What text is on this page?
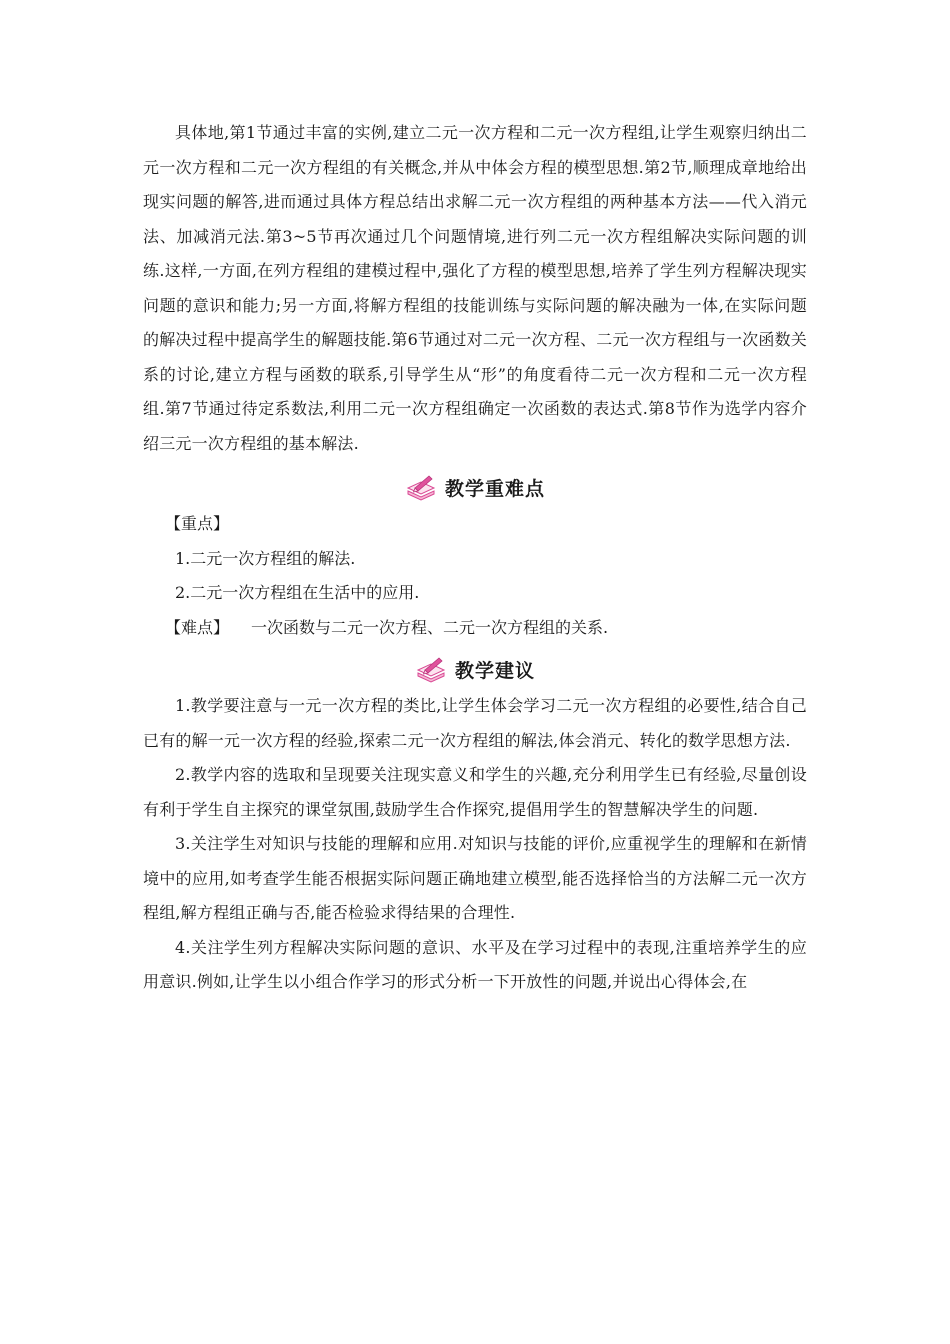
具体地,第1节通过丰富的实例,建立二元一次方程和二元一次方程组,让学生观察归纳出二元一次方程和二元一次方程组的有关概念,并从中体会方程的模型思想.第2节,顺理成章地给出现实问题的解答,进而通过具体方程总结出求解二元一次方程组的两种基本方法——代入消元法、加减消元法.第3~5节再次通过几个问题情境,进行列二元一次方程组解决实际问题的训练.这样,一方面,在列方程组的建模过程中,强化了方程的模型思想,培养了学生列方程解决现实问题的意识和能力;另一方面,将解方程组的技能训练与实际问题的解决融为一体,在实际问题的解决过程中提高学生的解题技能.第6节通过对二元一次方程、二元一次方程组与一次函数关系的讨论,建立方程与函数的联系,引导学生从“形”的角度看待二元一次方程和二元一次方程组.第7节通过待定系数法,利用二元一次方程组确定一次函数的表达式.第8节作为选学内容介绍三元一次方程组的基本解法.

教学重难点

【重点】

1.二元一次方程组的解法.

2.二元一次方程组在生活中的应用.

【难点】 一次函数与二元一次方程、二元一次方程组的关系.

教学建议

1.教学要注意与一元一次方程的类比,让学生体会学习二元一次方程组的必要性,结合自己已有的解一元一次方程的经验,探索二元一次方程组的解法,体会消元、转化的数学思想方法.

2.教学内容的选取和呈现要关注现实意义和学生的兴趣,充分利用学生已有经验,尽量创设有利于学生自主探究的课堂氛围,鼓励学生合作探究,提倡用学生的智慧解决学生的问题.

3.关注学生对知识与技能的理解和应用.对知识与技能的评价,应重视学生的理解和在新情境中的应用,如考查学生能否根据实际问题正确地建立模型,能否选择恰当的方法解二元一次方程组,解方程组正确与否,能否检验求得结果的合理性.

4.关注学生列方程解决实际问题的意识、水平及在学习过程中的表现,注重培养学生的应用意识.例如,让学生以小组合作学习的形式分析一下开放性的问题,并说出心得体会,在
